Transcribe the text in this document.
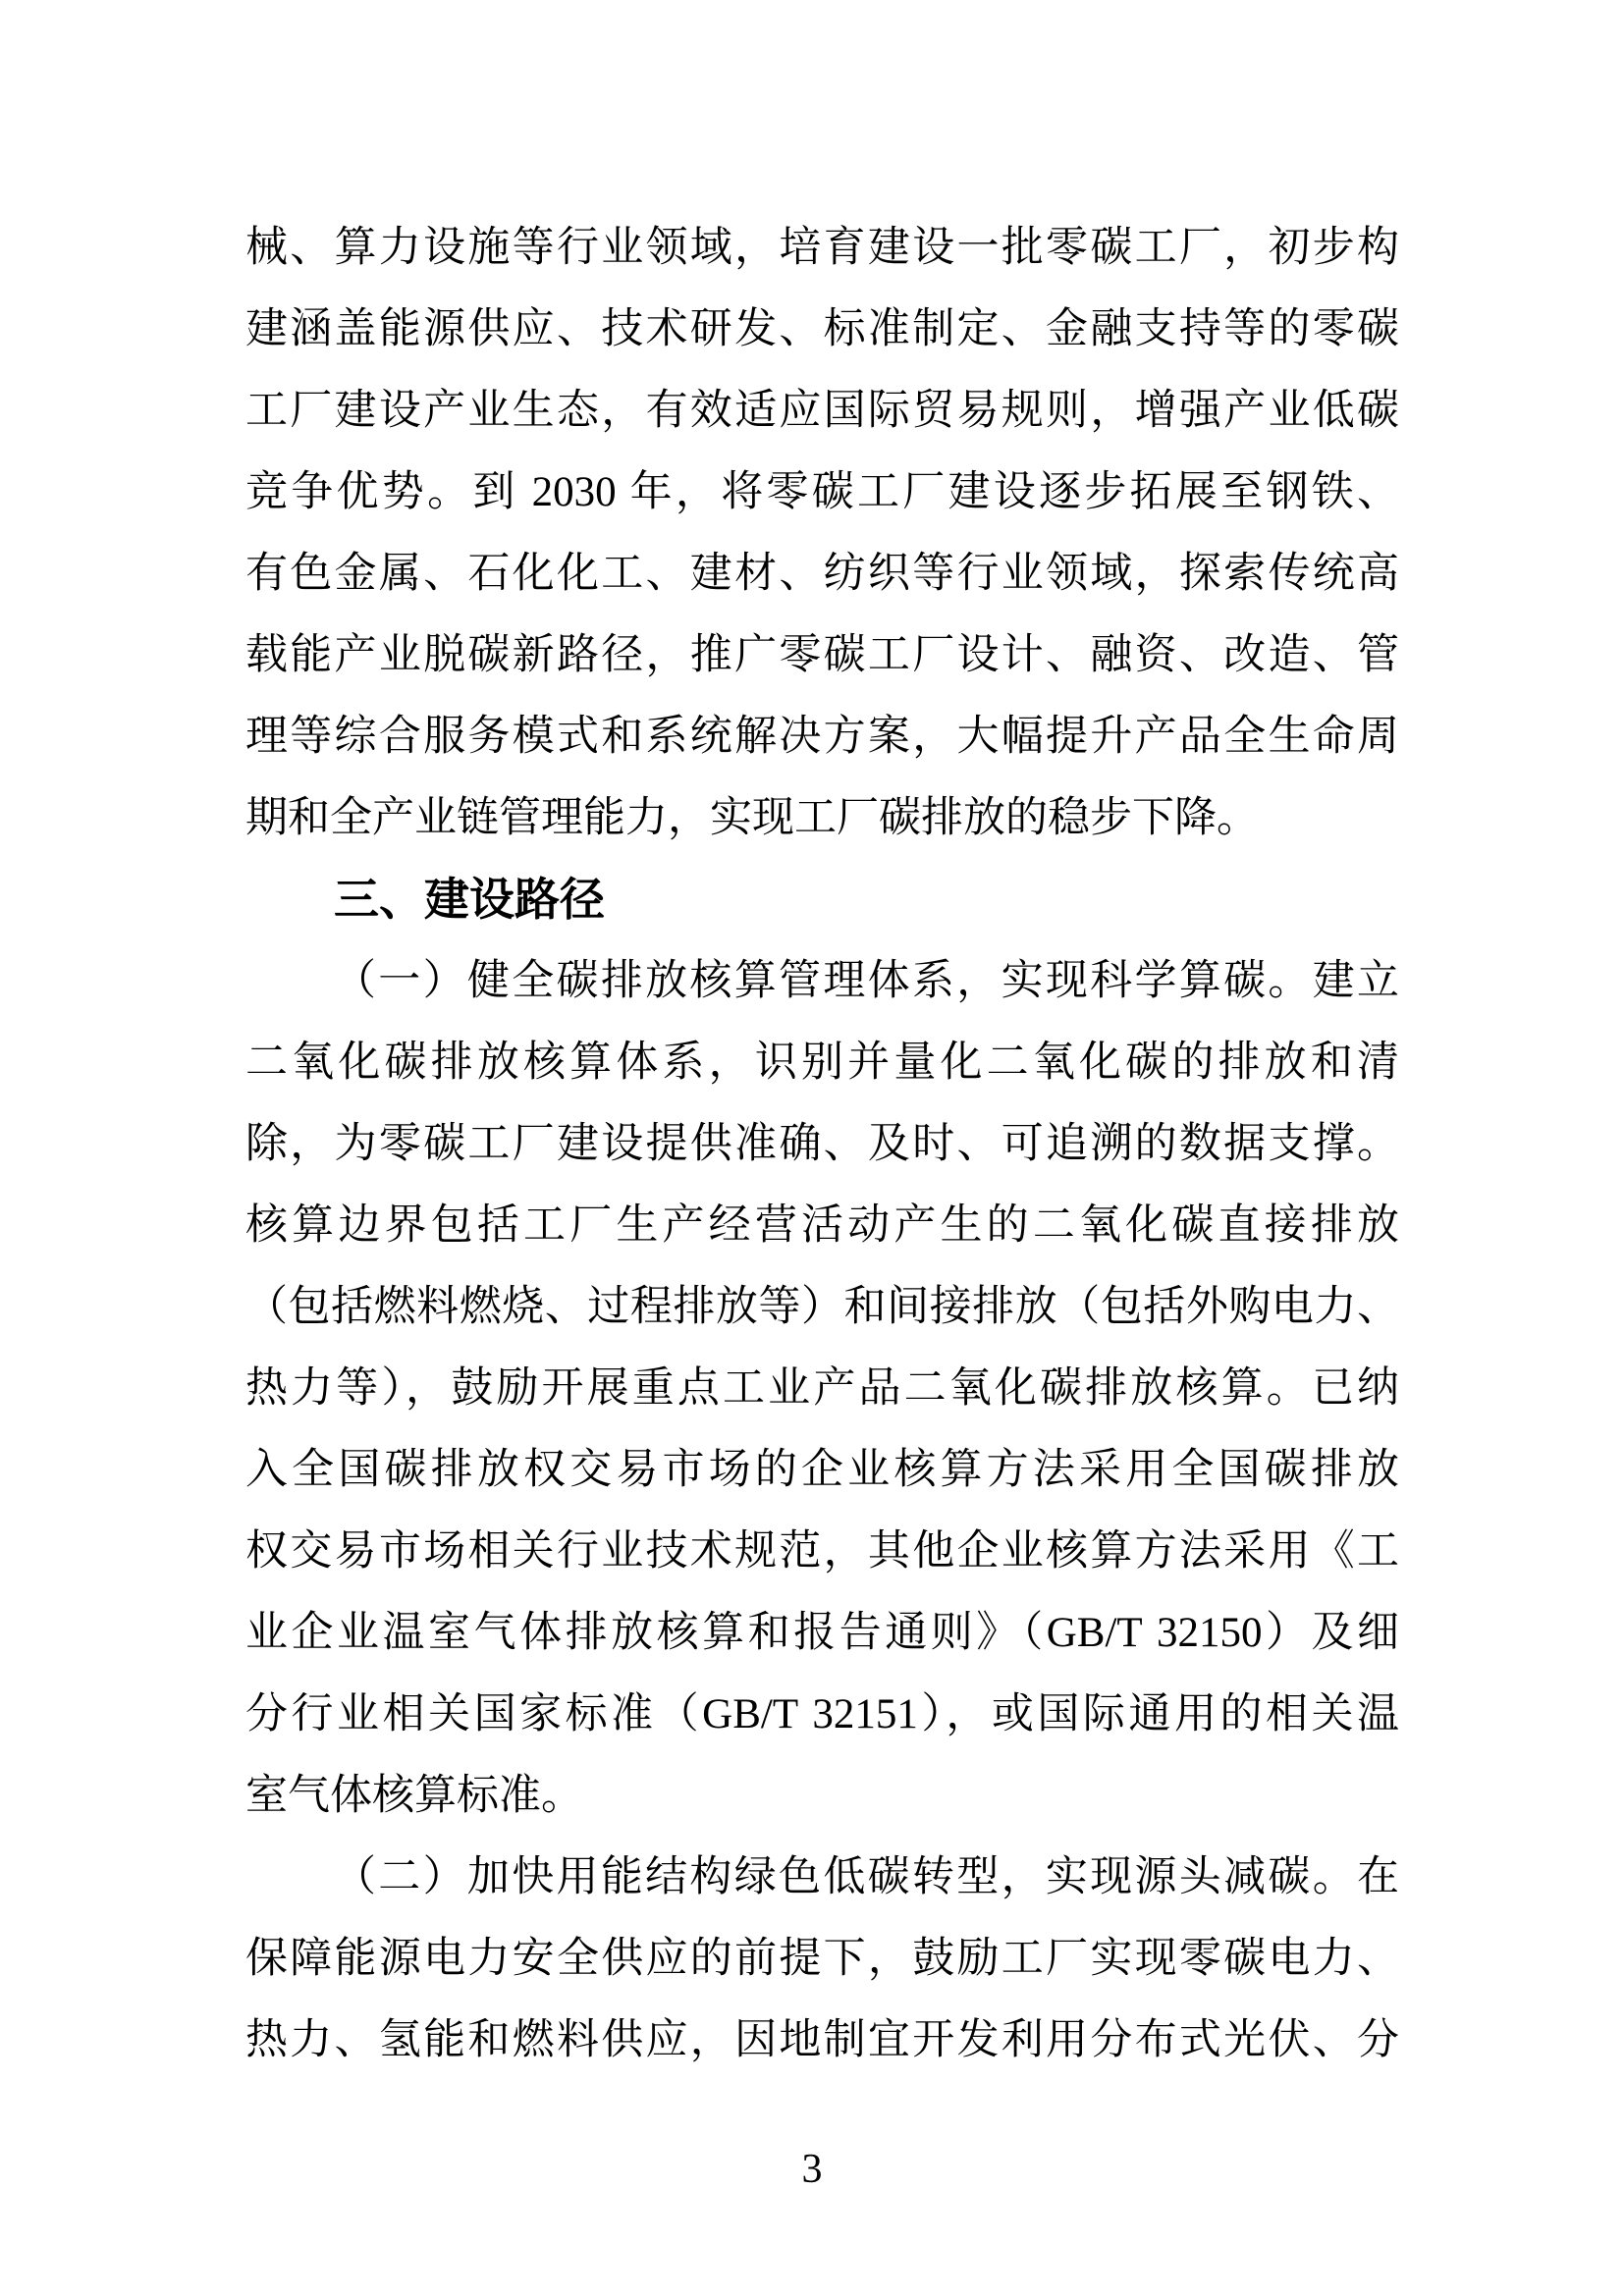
械、算力设施等行业领域，培育建设一批零碳工厂，初步构
建涵盖能源供应、技术研发、标准制定、金融支持等的零碳
工厂建设产业生态，有效适应国际贸易规则，增强产业低碳
竞争优势。到 2030 年，将零碳工厂建设逐步拓展至钢铁、
有色金属、石化化工、建材、纺织等行业领域，探索传统高
载能产业脱碳新路径，推广零碳工厂设计、融资、改造、管
理等综合服务模式和系统解决方案，大幅提升产品全生命周
期和全产业链管理能力，实现工厂碳排放的稳步下降。
三、建设路径
（一）健全碳排放核算管理体系，实现科学算碳。建立
二氧化碳排放核算体系，识别并量化二氧化碳的排放和清
除，为零碳工厂建设提供准确、及时、可追溯的数据支撑。
核算边界包括工厂生产经营活动产生的二氧化碳直接排放
（包括燃料燃烧、过程排放等）和间接排放（包括外购电力、
热力等），鼓励开展重点工业产品二氧化碳排放核算。已纳
入全国碳排放权交易市场的企业核算方法采用全国碳排放
权交易市场相关行业技术规范，其他企业核算方法采用《工
业企业温室气体排放核算和报告通则》（GB/T 32150）及细
分行业相关国家标准（GB/T 32151），或国际通用的相关温
室气体核算标准。
（二）加快用能结构绿色低碳转型，实现源头减碳。在
保障能源电力安全供应的前提下，鼓励工厂实现零碳电力、
热力、氢能和燃料供应，因地制宜开发利用分布式光伏、分
3
